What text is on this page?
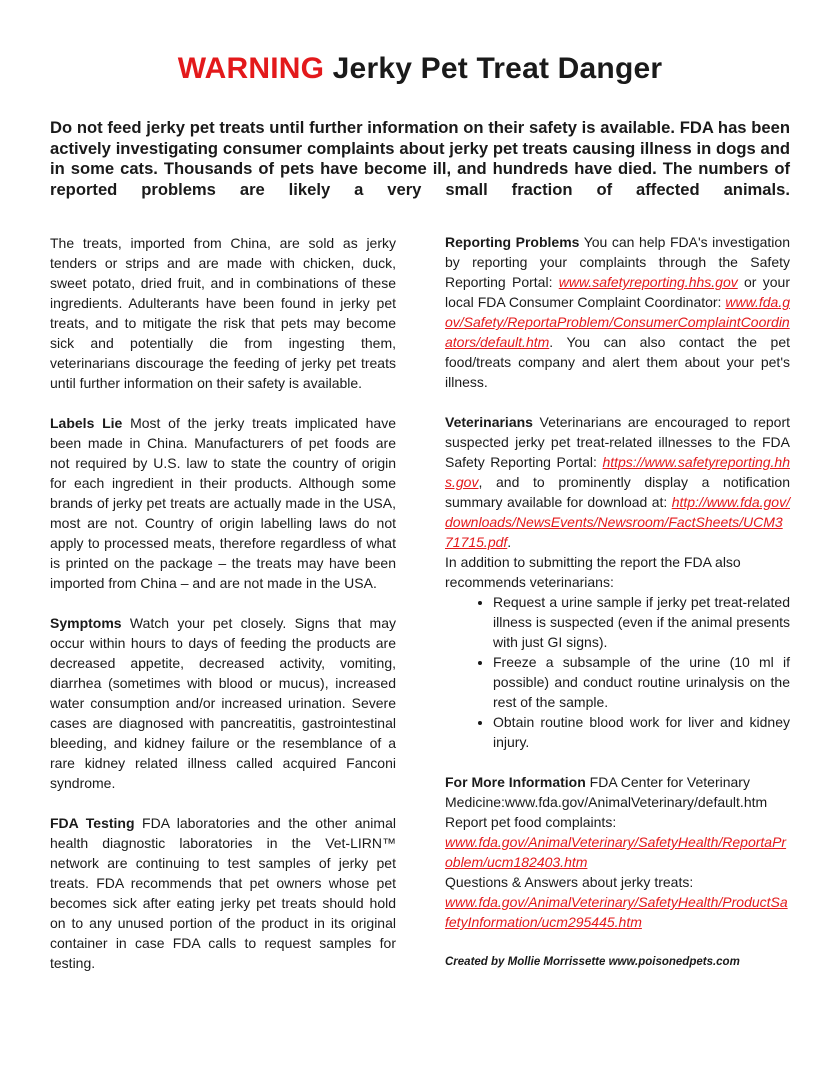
WARNING Jerky Pet Treat Danger
Do not feed jerky pet treats until further information on their safety is available. FDA has been actively investigating consumer complaints about jerky pet treats causing illness in dogs and in some cats. Thousands of pets have become ill, and hundreds have died. The numbers of reported problems are likely a very small fraction of affected animals.

The treats, imported from China, are sold as jerky tenders or strips and are made with chicken, duck, sweet potato, dried fruit, and in combinations of these ingredients. Adulterants have been found in jerky pet treats, and to mitigate the risk that pets may become sick and potentially die from ingesting them, veterinarians discourage the feeding of jerky pet treats until further information on their safety is available.

Labels Lie Most of the jerky treats implicated have been made in China. Manufacturers of pet foods are not required by U.S. law to state the country of origin for each ingredient in their products. Although some brands of jerky pet treats are actually made in the USA, most are not. Country of origin labelling laws do not apply to processed meats, therefore regardless of what is printed on the package – the treats may have been imported from China – and are not made in the USA.

Symptoms Watch your pet closely. Signs that may occur within hours to days of feeding the products are decreased appetite, decreased activity, vomiting, diarrhea (sometimes with blood or mucus), increased water consumption and/or increased urination. Severe cases are diagnosed with pancreatitis, gastrointestinal bleeding, and kidney failure or the resemblance of a rare kidney related illness called acquired Fanconi syndrome.

FDA Testing FDA laboratories and the other animal health diagnostic laboratories in the Vet-LIRN™ network are continuing to test samples of jerky pet treats. FDA recommends that pet owners whose pet becomes sick after eating jerky pet treats should hold on to any unused portion of the product in its original container in case FDA calls to request samples for testing.

Reporting Problems You can help FDA's investigation by reporting your complaints through the Safety Reporting Portal: www.safetyreporting.hhs.gov or your local FDA Consumer Complaint Coordinator: www.fda.gov/Safety/ReportaProblem/ConsumerComplaintCoordinators/default.htm. You can also contact the pet food/treats company and alert them about your pet's illness.

Veterinarians Veterinarians are encouraged to report suspected jerky pet treat-related illnesses to the FDA Safety Reporting Portal: https://www.safetyreporting.hhs.gov, and to prominently display a notification summary available for download at: http://www.fda.gov/downloads/NewsEvents/Newsroom/FactSheets/UCM371715.pdf.

In addition to submitting the report the FDA also recommends veterinarians:

• Request a urine sample if jerky pet treat-related illness is suspected (even if the animal presents with just GI signs).
• Freeze a subsample of the urine (10 ml if possible) and conduct routine urinalysis on the rest of the sample.
• Obtain routine blood work for liver and kidney injury.

For More Information FDA Center for Veterinary Medicine:www.fda.gov/AnimalVeterinary/default.htm Report pet food complaints:
www.fda.gov/AnimalVeterinary/SafetyHealth/ReportaProblem/ucm182403.htm
Questions & Answers about jerky treats:
www.fda.gov/AnimalVeterinary/SafetyHealth/ProductSafetyInformation/ucm295445.htm

Created by Mollie Morrissette www.poisonedpets.com
